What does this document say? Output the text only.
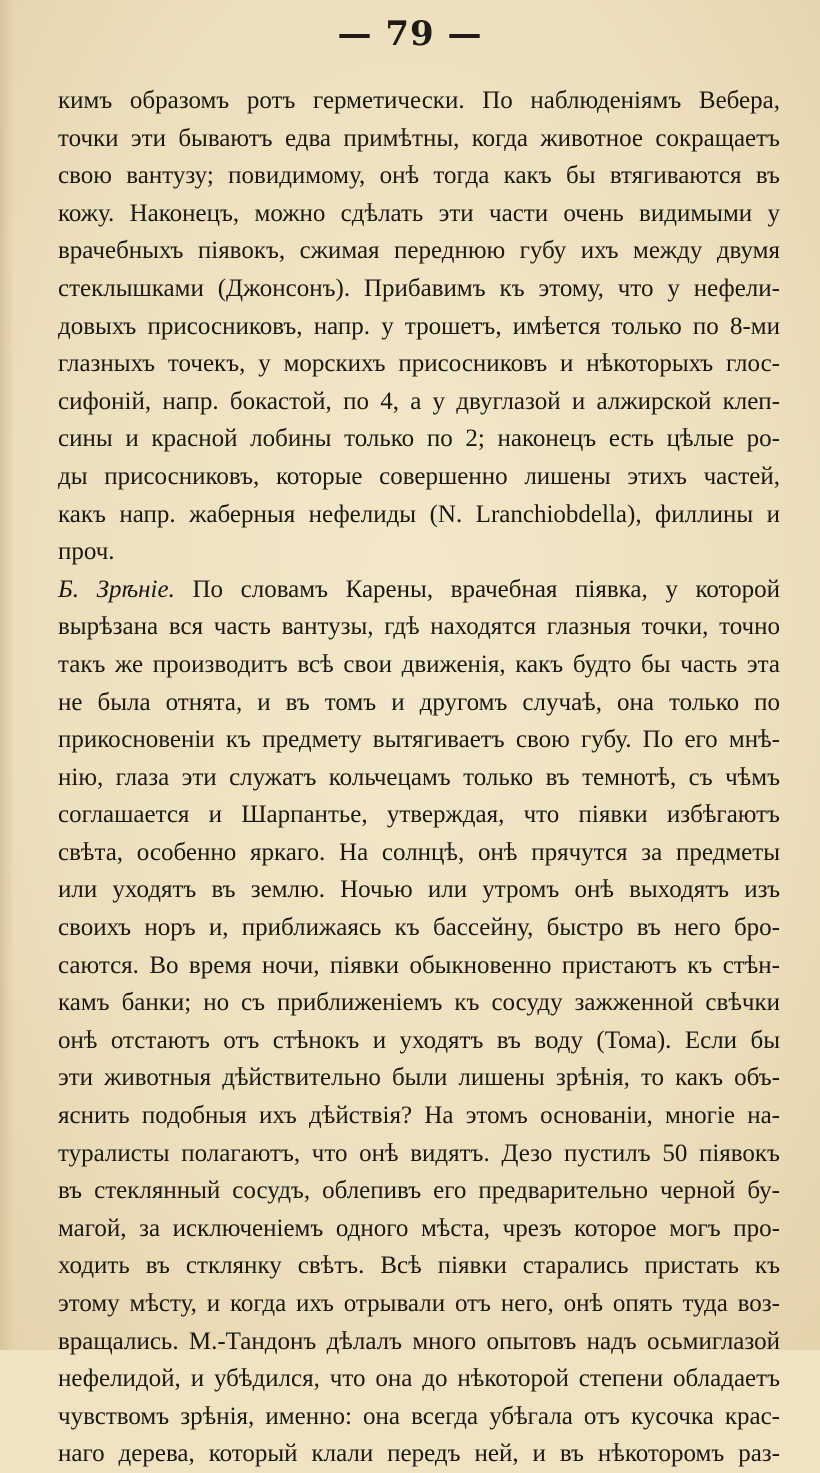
— 79 —
кимъ образомъ ротъ герметически. По наблюденiямъ Вебера,
точки эти бываютъ едва примѣтны, когда животное сокращаетъ
свою вантузу; повидимому, онѣ тогда какъ бы втягиваются въ
кожу. Наконецъ, можно сдѣлать эти части очень видимыми у
врачебныхъ пiявокъ, сжимая переднюю губу ихъ между двумя
стеклышками (Джонсонъ). Прибавимъ къ этому, что у нефели-
довыхъ присосниковъ, напр. у трошетъ, имѣется только по 8-ми
глазныхъ точекъ, у морскихъ присосниковъ и нѣкоторыхъ глос-
сифонiй, напр. бокастой, по 4, а у двуглазой и алжирской клеп-
сины и красной лобины только по 2; наконецъ есть цѣлые ро-
ды присосниковъ, которые совершенно лишены этихъ частей,
какъ напр. жаберныя нефелиды (N. Lranchiobdella), филлины и
проч.
Б. Зрѣнiе. По словамъ Карены, врачебная пiявка, у которой
вырѣзана вся часть вантузы, гдѣ находятся глазныя точки, точно
такъ же производитъ всѣ свои движенiя, какъ будто бы часть эта
не была отнята, и въ томъ и другомъ случаѣ, она только по
прикосновенiи къ предмету вытягиваетъ свою губу. По его мнѣ-
нiю, глаза эти служатъ кольчецамъ только въ темнотѣ, съ чѣмъ
соглашается и Шарпантье, утверждая, что пiявки избѣгаютъ
свѣта, особенно яркаго. На солнцѣ, онѣ прячутся за предметы
или уходятъ въ землю. Ночью или утромъ онѣ выходятъ изъ
своихъ норъ и, приближаясь къ бассейну, быстро въ него бро-
саются. Во время ночи, пiявки обыкновенно пристаютъ къ стѣн-
камъ банки; но съ приближенiемъ къ сосуду зажженной свѣчки
онѣ отстаютъ отъ стѣнокъ и уходятъ въ воду (Тома). Если бы
эти животныя дѣйствительно были лишены зрѣнiя, то какъ объ-
яснить подобныя ихъ дѣйствiя? На этомъ основанiи, многiе на-
туралисты полагаютъ, что онѣ видятъ. Дезо пустилъ 50 пiявокъ
въ стеклянный сосудъ, облепивъ его предварительно черной бу-
магой, за исключенiемъ одного мѣста, чрезъ которое могъ про-
ходить въ стклянку свѣтъ. Всѣ пiявки старались пристать къ
этому мѣсту, и когда ихъ отрывали отъ него, онѣ опять туда воз-
вращались. М.-Тандонъ дѣлалъ много опытовъ надъ осьмиглазой
нефелидой, и убѣдился, что она до нѣкоторой степени обладаетъ
чувствомъ зрѣнiя, именно: она всегда убѣгала отъ кусочка крас-
наго дерева, который клали передъ ней, и въ нѣкоторомъ раз-
